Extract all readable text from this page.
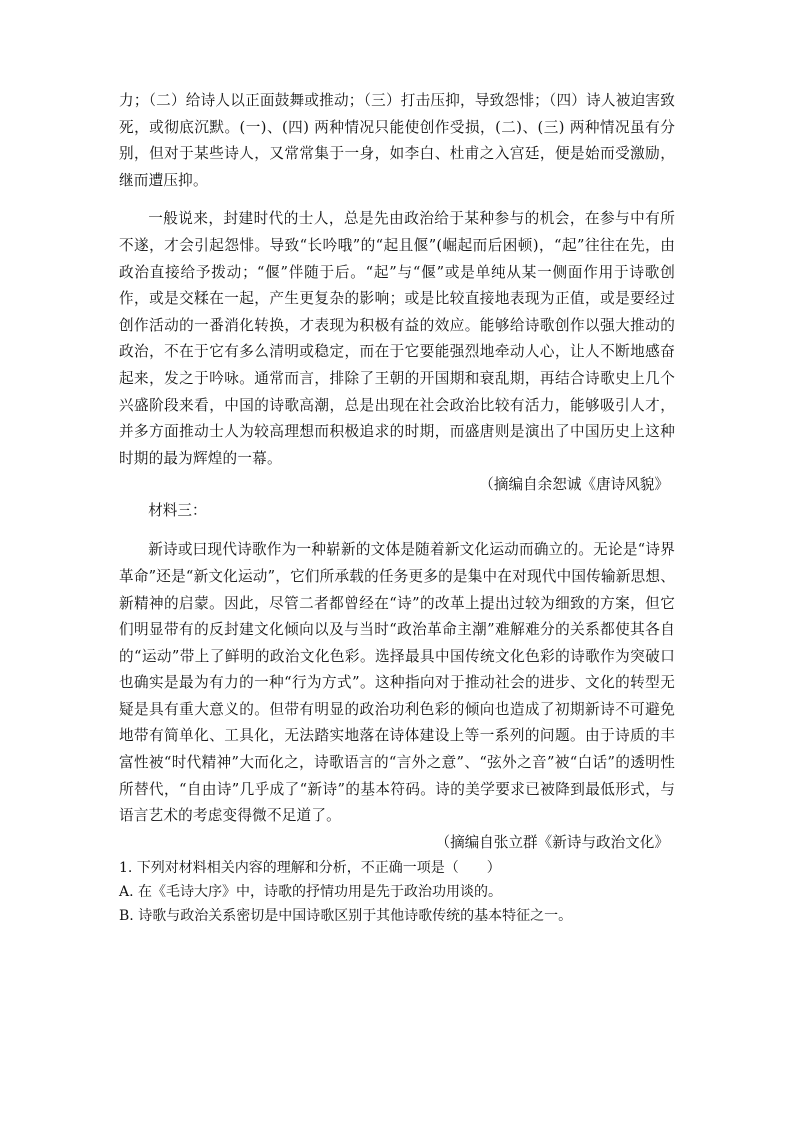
力；（二）给诗人以正面鼓舞或推动；（三）打击压抑，导致怨悱；（四）诗人被迫害致死，或彻底沉默。(一)、(四) 两种情况只能使创作受损，(二)、(三) 两种情况虽有分别，但对于某些诗人，又常常集于一身，如李白、杜甫之入宫廷，便是始而受激励，继而遭压抑。

一般说来，封建时代的士人，总是先由政治给于某种参与的机会，在参与中有所不遂，才会引起怨悱。导致“长吟哦”的“起且偃”(崛起而后困顿)，“起”往往在先，由政治直接给予拨动；“偃”伴随于后。“起”与“偃”或是单纯从某一侧面作用于诗歌创作，或是交糅在一起，产生更复杂的影响；或是比较直接地表现为正值，或是要经过创作活动的一番消化转换，才表现为积极有益的效应。能够给诗歌创作以强大推动的政治，不在于它有多么清明或稳定，而在于它要能强烈地牵动人心，让人不断地感奋起来，发之于吟咏。通常而言，排除了王朝的开国期和衰乱期，再结合诗歌史上几个兴盛阶段来看，中国的诗歌高潮，总是出现在社会政治比较有活力，能够吸引人才，并多方面推动士人为较高理想而积极追求的时期，而盛唐则是演出了中国历史上这种时期的最为辉煌的一幕。

（摘编自余恕诚《唐诗风貌》

材料三：

新诗或曰现代诗歌作为一种崭新的文体是随着新文化运动而确立的。无论是“诗界革命”还是“新文化运动”，它们所承载的任务更多的是集中在对现代中国传输新思想、新精神的启蒙。因此，尽管二者都曾经在“诗”的改革上提出过较为细致的方案，但它们明显带有的反封建文化倾向以及与当时“政治革命主潮”难解难分的关系都使其各自的“运动”带上了鲜明的政治文化色彩。选择最具中国传统文化色彩的诗歌作为突破口也确实是最为有力的一种“行为方式”。这种指向对于推动社会的进步、文化的转型无疑是具有重大意义的。但带有明显的政治功利色彩的倾向也造成了初期新诗不可避免地带有简单化、工具化，无法踏实地落在诗体建设上等一系列的问题。由于诗质的丰富性被“时代精神”大而化之，诗歌语言的“言外之意”、“弦外之音”被“白话”的透明性所替代，“自由诗”几乎成了“新诗”的基本符码。诗的美学要求已被降到最低形式，与语言艺术的考虑变得微不足道了。

（摘编自张立群《新诗与政治文化》

1. 下列对材料相关内容的理解和分析，不正确一项是（　　）

A. 在《毛诗大序》中，诗歌的抒情功用是先于政治功用谈的。

B. 诗歌与政治关系密切是中国诗歌区别于其他诗歌传统的基本特征之一。
